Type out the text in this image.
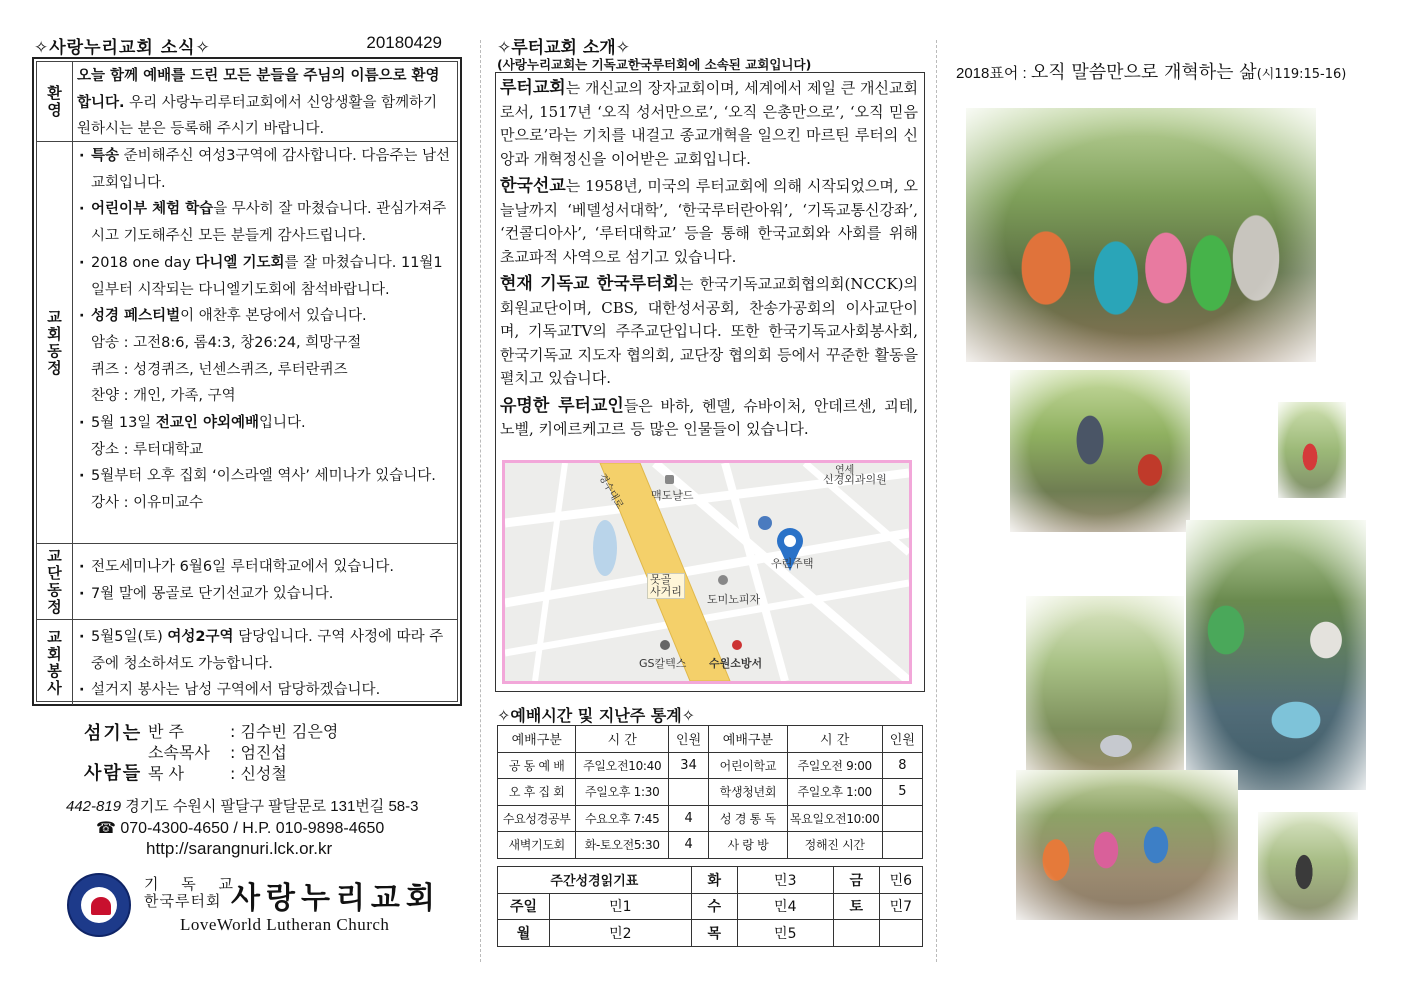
✧사랑누리교회 소식✧	20180429
환영
오늘 함께 예배를 드린 모든 분들을 주님의 이름으로 환영합니다. 우리 사랑누리루터교회에서 신앙생활을 함께하기 원하시는 분은 등록해 주시기 바랍니다.
교회동정
· 특송 준비해주신 여성3구역에 감사합니다. 다음주는 남선교회입니다.
· 어린이부 체험 학습을 무사히 잘 마쳤습니다. 관심가져주시고 기도해주신 모든 분들게 감사드립니다.
· 2018 one day 다니엘 기도회를 잘 마쳤습니다. 11월1일부터 시작되는 다니엘기도회에 참석바랍니다.
· 성경 페스티벌이 애찬후 본당에서 있습니다.
암송 : 고전8:6, 롬4:3, 창26:24, 희망구절
퀴즈 : 성경퀴즈, 넌센스퀴즈, 루터란퀴즈
찬양 : 개인, 가족, 구역
· 5월 13일 전교인 야외예배입니다.
장소 : 루터대학교
· 5월부터 오후 집회 ‘이스라엘 역사’ 세미나가 있습니다. 강사 : 이유미교수
교단동정	· 전도세미나가 6월6일 루터대학교에서 있습니다.
· 7월 말에 몽골로 단기선교가 있습니다.
교회봉사	· 5월5일(토) 여성2구역 담당입니다. 구역 사정에 따라 주중에 청소하셔도 가능합니다.
· 설거지 봉사는 남성 구역에서 담당하겠습니다.
섬기는
사람들
반 주	: 김수빈 김은영
소속목사 : 엄진섭
목 사	: 신성철
442-819 경기도 수원시 팔달구 팔달문로 131번길 58-3
☎ 070-4300-4650 / H.P. 010-9898-4650
http://sarangnuri.lck.or.kr
기 독 교
한국루터회 사랑누리교회
LoveWorld Lutheran Church
✧루터교회 소개✧
(사랑누리교회는 기독교한국루터회에 소속된 교회입니다)

루터교회는 개신교의 장자교회이며, 세계에서 제일 큰 개신교회로서, 1517년 ‘오직 성서만으로’, ‘오직 은총만으로’, ‘오직 믿음만으로’라는 기치를 내걸고 종교개혁을 일으킨 마르틴 루터의 신앙과 개혁정신을 이어받은 교회입니다.

한국선교는 1958년, 미국의 루터교회에 의해 시작되었으며, 오늘날까지 ‘베델성서대학’, ‘한국루터란아워’, ‘기독교통신강좌’, ‘컨콜디아사’, ‘루터대학교’ 등을 통해 한국교회와 사회를 위해 초교파적 사역으로 섬기고 있습니다.

현재 기독교 한국루터회는 한국기독교교회협의회(NCCK)의 회원교단이며, CBS, 대한성서공회, 찬송가공회의 이사교단이며, 기독교TV의 주주교단입니다. 또한 한국기독교사회봉사회, 한국기독교 지도자 협의회, 교단장 협의회 등에서 꾸준한 활동을 펼치고 있습니다.

유명한 루터교인들은 바하, 헨델, 슈바이처, 안데르센, 괴테, 노벨, 키에르케고르 등 많은 인물들이 있습니다.

경수대로	맥도날드
연세
신경외과의원
못골
사거리
도미노피자
우린주택
GS칼텍스 수원소방서
✧예배시간 및 지난주 통계✧
예배구분	시 간	인원	예배구분	시 간	인원
공 동 예 배	주일오전10:40	34	어린이학교	주일오전 9:00	8
오 후 집 회	주일오후 1:30		학생청년회	주일오후 1:00	5
수요성경공부	수요오후 7:45	4	성 경 통 독	목요일오전10:00	
새벽기도회	화-토오전5:30	4	사 랑 방	정해진 시간	
주간성경읽기표		화	민3	금	민6
주일	민1	수	민4	토	민7
월	민2	목	민5		
2018표어 : 오직 말씀만으로 개혁하는 삶(시119:15-16)
